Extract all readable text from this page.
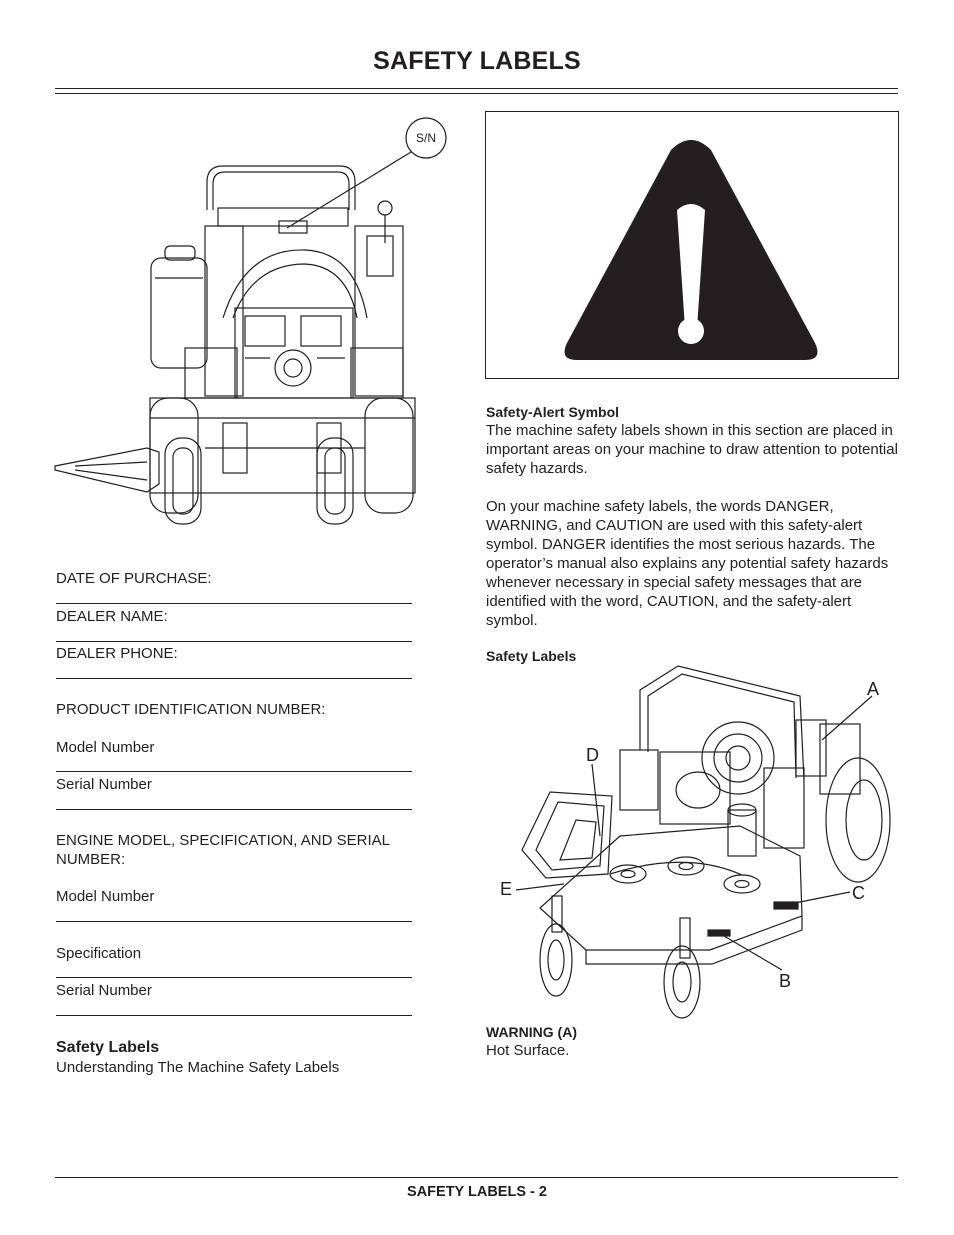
SAFETY LABELS
S/N
DATE OF PURCHASE:
DEALER NAME:
DEALER PHONE:
PRODUCT IDENTIFICATION NUMBER:
Model Number
Serial Number
ENGINE MODEL, SPECIFICATION, AND SERIAL NUMBER:
Model Number
Specification
Serial Number
Safety Labels
Understanding The Machine Safety Labels
Safety-Alert Symbol
The machine safety labels shown in this section are placed in important areas on your machine to draw attention to potential safety hazards.
On your machine safety labels, the words DANGER, WARNING, and CAUTION are used with this safety-alert symbol. DANGER identifies the most serious hazards. The operator’s manual also explains any potential safety hazards whenever necessary in special safety messages that are identified with the word, CAUTION, and the safety-alert symbol.
Safety Labels
A
D
E	C
B
WARNING (A)
Hot Surface.
SAFETY LABELS - 2
